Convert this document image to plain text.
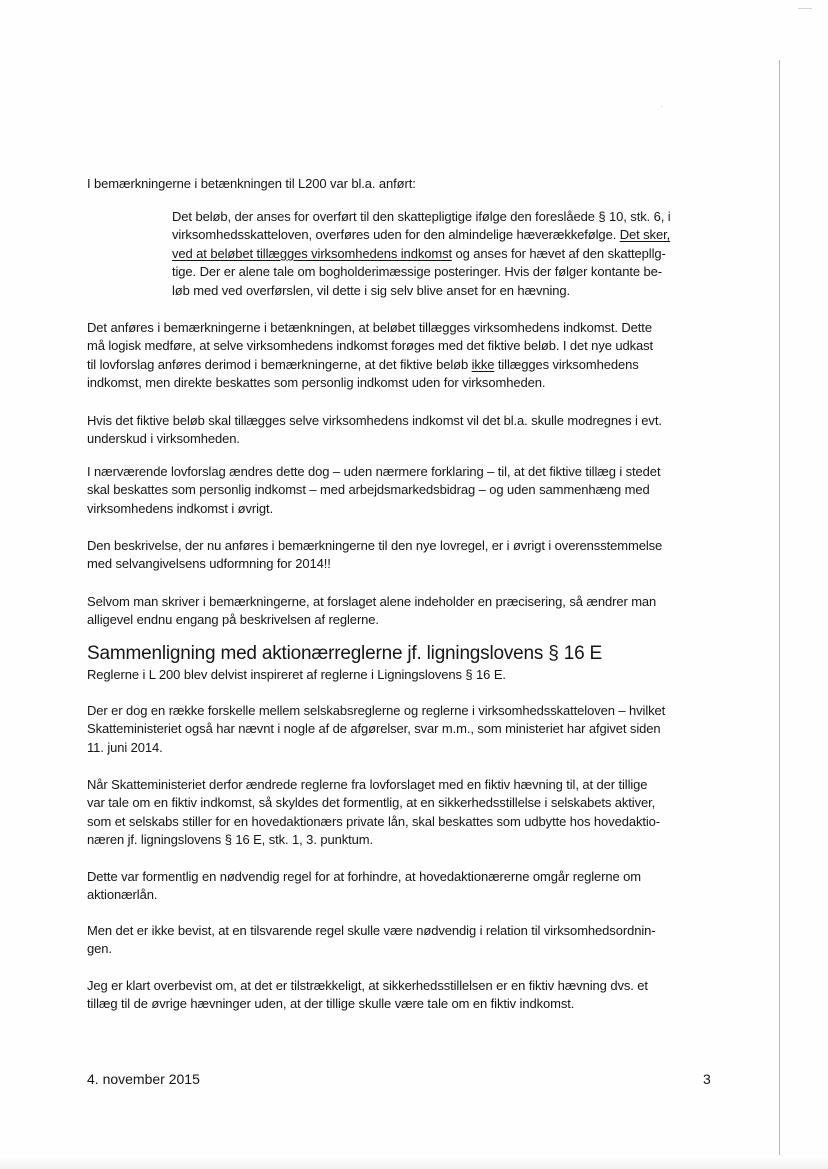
I bemærkningerne i betænkningen til L200 var bl.a. anført:

Det beløb, der anses for overført til den skattepligtige ifølge den foreslåede § 10, stk. 6, i
virksomhedsskatteloven, overføres uden for den almindelige hæverækkefølge. Det sker,
ved at beløbet tillægges virksomhedens indkomst og anses for hævet af den skattepllg-
tige. Der er alene tale om bogholderimæssige posteringer. Hvis der følger kontante be-
løb med ved overførslen, vil dette i sig selv blive anset for en hævning.

Det anføres i bemærkningerne i betænkningen, at beløbet tillægges virksomhedens indkomst. Dette
må logisk medføre, at selve virksomhedens indkomst forøges med det fiktive beløb. I det nye udkast
til lovforslag anføres derimod i bemærkningerne, at det fiktive beløb ikke tillægges virksomhedens
indkomst, men direkte beskattes som personlig indkomst uden for virksomheden.

Hvis det fiktive beløb skal tillægges selve virksomhedens indkomst vil det bl.a. skulle modregnes i evt.
underskud i virksomheden.

I nærværende lovforslag ændres dette dog – uden nærmere forklaring – til, at det fiktive tillæg i stedet
skal beskattes som personlig indkomst – med arbejdsmarkedsbidrag – og uden sammenhæng med
virksomhedens indkomst i øvrigt.

Den beskrivelse, der nu anføres i bemærkningerne til den nye lovregel, er i øvrigt i overensstemmelse
med selvangivelsens udformning for 2014!!

Selvom man skriver i bemærkningerne, at forslaget alene indeholder en præcisering, så ændrer man
alligevel endnu engang på beskrivelsen af reglerne.

Sammenligning med aktionærreglerne jf. ligningslovens § 16 E

Reglerne i L 200 blev delvist inspireret af reglerne i Ligningslovens § 16 E.

Der er dog en række forskelle mellem selskabsreglerne og reglerne i virksomhedsskatteloven – hvilket
Skatteministeriet også har nævnt i nogle af de afgørelser, svar m.m., som ministeriet har afgivet siden
11. juni 2014.

Når Skatteministeriet derfor ændrede reglerne fra lovforslaget med en fiktiv hævning til, at der tillige
var tale om en fiktiv indkomst, så skyldes det formentlig, at en sikkerhedsstillelse i selskabets aktiver,
som et selskabs stiller for en hovedaktionærs private lån, skal beskattes som udbytte hos hovedaktio-
næren jf. ligningslovens § 16 E, stk. 1, 3. punktum.

Dette var formentlig en nødvendig regel for at forhindre, at hovedaktionærerne omgår reglerne om
aktionærlån.

Men det er ikke bevist, at en tilsvarende regel skulle være nødvendig i relation til virksomhedsordnin-
gen.

Jeg er klart overbevist om, at det er tilstrækkeligt, at sikkerhedsstillelsen er en fiktiv hævning dvs. et
tillæg til de øvrige hævninger uden, at der tillige skulle være tale om en fiktiv indkomst.

4. november 2015	3
